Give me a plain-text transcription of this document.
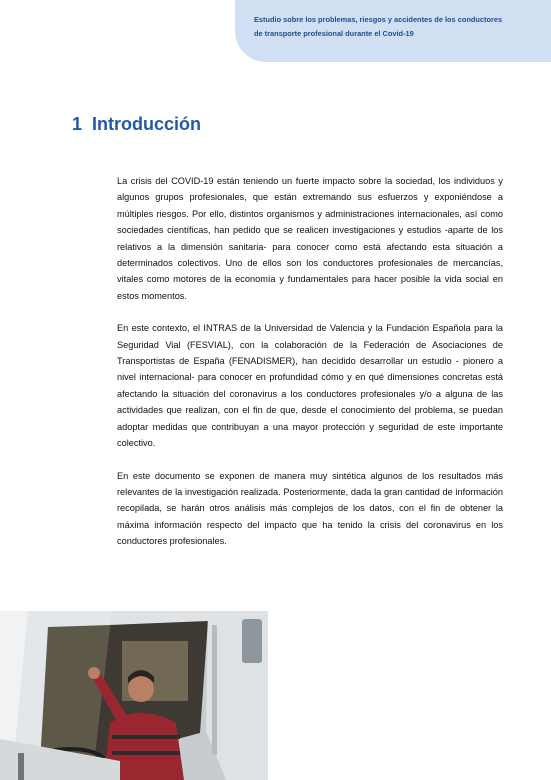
Estudio sobre los problemas, riesgos y accidentes de los conductores
de transporte profesional durante el Covid-19
1 Introducción

La crisis del COVID-19 están teniendo un fuerte impacto sobre la sociedad, los individuos y algunos grupos profesionales, que están extremando sus esfuerzos y exponiéndose a múltiples riesgos. Por ello, distintos organismos y administraciones internacionales, así como sociedades científicas, han pedido que se realicen investigaciones y estudios -aparte de los relativos a la dimensión sanitaria- para conocer como está afectando esta situación a determinados colectivos. Uno de ellos son los conductores profesionales de mercancías, vitales como motores de la economía y fundamentales para hacer posible la vida social en estos momentos.

En este contexto, el INTRAS de la Universidad de Valencia y la Fundación Española para la Seguridad Vial (FESVIAL), con la colaboración de la Federación de Asociaciones de Transportistas de España (FENADISMER), han decidido desarrollar un estudio - pionero a nivel internacional- para conocer en profundidad cómo y en qué dimensiones concretas está afectando la situación del coronavirus a los conductores profesionales y/o a alguna de las actividades que realizan, con el fin de que, desde el conocimiento del problema, se puedan adoptar medidas que contribuyan a una mayor protección y seguridad de este importante colectivo.

En este documento se exponen de manera muy sintética algunos de los resultados más relevantes de la investigación realizada. Posteriormente, dada la gran cantidad de información recopilada, se harán otros análisis más complejos de los datos, con el fin de obtener la máxima información respecto del impacto que ha tenido la crisis del coronavirus en los conductores profesionales.
